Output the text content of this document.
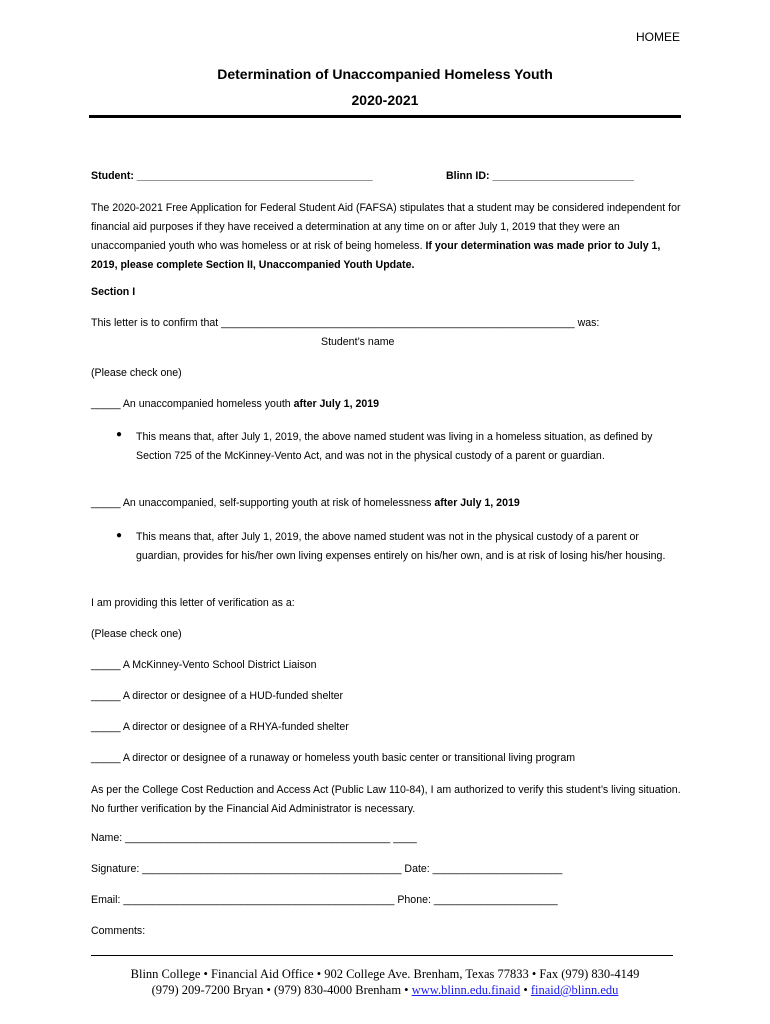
HOMEE
Determination of Unaccompanied Homeless Youth
2020-2021
Student: ________________________________________	Blinn ID: ________________________
The 2020-2021 Free Application for Federal Student Aid (FAFSA) stipulates that a student may be considered independent for financial aid purposes if they have received a determination at any time on or after July 1, 2019 that they were an unaccompanied youth who was homeless or at risk of being homeless. If your determination was made prior to July 1, 2019, please complete Section II, Unaccompanied Youth Update.
Section I
This letter is to confirm that ____________________________________________________________ was:
Student’s name
(Please check one)
_____ An unaccompanied homeless youth after July 1, 2019
● This means that, after July 1, 2019, the above named student was living in a homeless situation, as defined by Section 725 of the McKinney-Vento Act, and was not in the physical custody of a parent or guardian.
_____ An unaccompanied, self-supporting youth at risk of homelessness after July 1, 2019
● This means that, after July 1, 2019, the above named student was not in the physical custody of a parent or guardian, provides for his/her own living expenses entirely on his/her own, and is at risk of losing his/her housing.
I am providing this letter of verification as a:
(Please check one)
_____ A McKinney-Vento School District Liaison
_____ A director or designee of a HUD-funded shelter
_____ A director or designee of a RHYA-funded shelter
_____ A director or designee of a runaway or homeless youth basic center or transitional living program
As per the College Cost Reduction and Access Act (Public Law 110-84), I am authorized to verify this student’s living situation. No further verification by the Financial Aid Administrator is necessary.
Name: _____________________________________________ ____
Signature: ____________________________________________ Date: ______________________
Email: ______________________________________________ Phone: _____________________
Comments:
Blinn College • Financial Aid Office • 902 College Ave. Brenham, Texas 77833 • Fax (979) 830-4149
(979) 209-7200 Bryan • (979) 830-4000 Brenham • www.blinn.edu.finaid • finaid@blinn.edu
